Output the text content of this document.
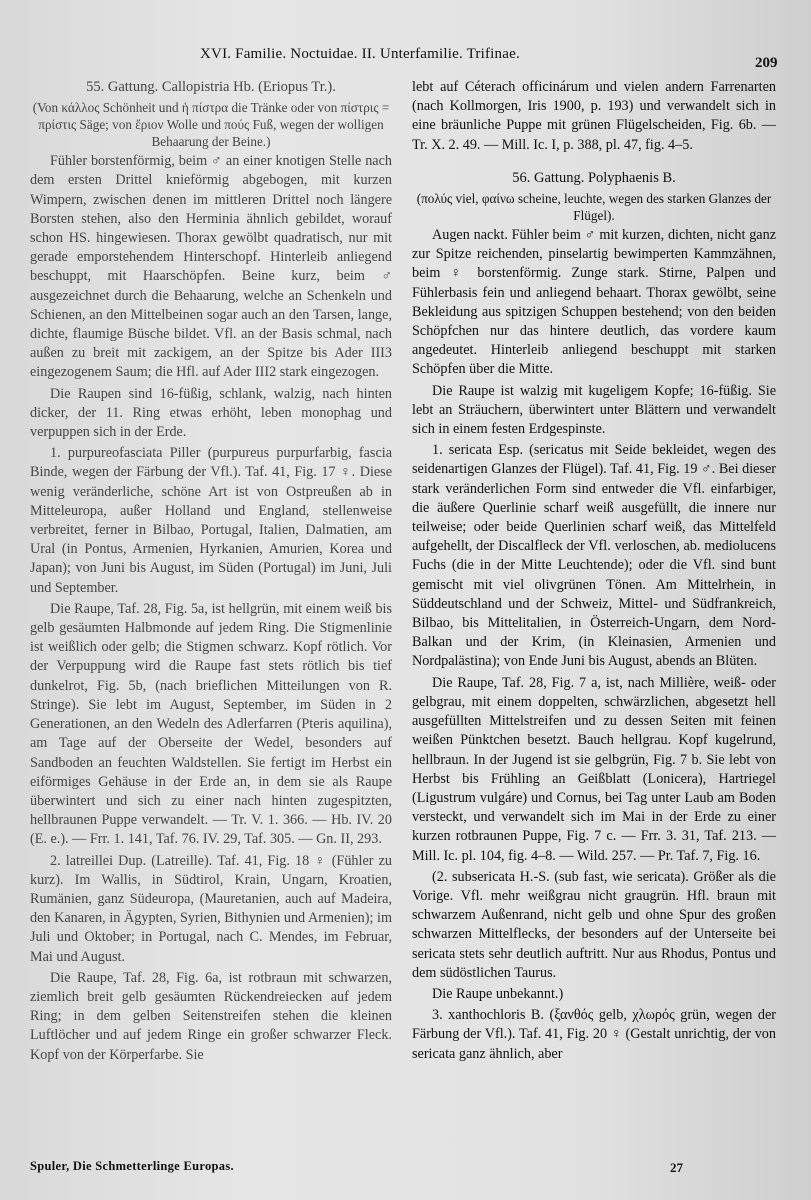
XVI. Familie. Noctuidae. II. Unterfamilie. Trifinae.
209

55. Gattung. Callopistria Hb. (Eriopus Tr.).

(Von κάλλος Schönheit und ἡ πίστρα die Tränke oder von πίστρις = πρίστις Säge; von ἔριον Wolle und πούς Fuß, wegen der wolligen Behaarung der Beine.)

Fühler borstenförmig, beim ♂ an einer knotigen Stelle nach dem ersten Drittel knieförmig abgebogen, mit kurzen Wimpern, zwischen denen im mittleren Drittel noch längere Borsten stehen, also den Herminia ähnlich gebildet, worauf schon HS. hingewiesen. Thorax gewölbt quadratisch, nur mit gerade emporstehendem Hinterschopf. Hinterleib anliegend beschuppt, mit Haarschöpfen. Beine kurz, beim ♂ ausgezeichnet durch die Behaarung, welche an Schenkeln und Schienen, an den Mittelbeinen sogar auch an den Tarsen, lange, dichte, flaumige Büsche bildet. Vfl. an der Basis schmal, nach außen zu breit mit zackigem, an der Spitze bis Ader III3 eingezogenem Saum; die Hfl. auf Ader III2 stark eingezogen.

Die Raupen sind 16-füßig, schlank, walzig, nach hinten dicker, der 11. Ring etwas erhöht, leben monophag und verpuppen sich in der Erde.

1. purpureofasciata Piller (purpureus purpurfarbig, fascia Binde, wegen der Färbung der Vfl.). Taf. 41, Fig. 17 ♀. Diese wenig veränderliche, schöne Art ist von Ostpreußen ab in Mitteleuropa, außer Holland und England, stellenweise verbreitet, ferner in Bilbao, Portugal, Italien, Dalmatien, am Ural (in Pontus, Armenien, Hyrkanien, Amurien, Korea und Japan); von Juni bis August, im Süden (Portugal) im Juni, Juli und September.

Die Raupe, Taf. 28, Fig. 5a, ist hellgrün, mit einem weiß bis gelb gesäumten Halbmonde auf jedem Ring. Die Stigmenlinie ist weißlich oder gelb; die Stigmen schwarz. Kopf rötlich. Vor der Verpuppung wird die Raupe fast stets rötlich bis tief dunkelrot, Fig. 5b, (nach brieflichen Mitteilungen von R. Stringe). Sie lebt im August, September, im Süden in 2 Generationen, an den Wedeln des Adlerfarren (Pteris aquilina), am Tage auf der Oberseite der Wedel, besonders auf Sandboden an feuchten Waldstellen. Sie fertigt im Herbst ein eiförmiges Gehäuse in der Erde an, in dem sie als Raupe überwintert und sich zu einer nach hinten zugespitzten, hellbraunen Puppe verwandelt. — Tr. V. 1. 366. — Hb. IV. 20 (E. e.). — Frr. 1. 141, Taf. 76. IV. 29, Taf. 305. — Gn. II, 293.

2. latreillei Dup. (Latreille). Taf. 41, Fig. 18 ♀ (Fühler zu kurz). Im Wallis, in Südtirol, Krain, Ungarn, Kroatien, Rumänien, ganz Südeuropa, (Mauretanien, auch auf Madeira, den Kanaren, in Ägypten, Syrien, Bithynien und Armenien); im Juli und Oktober; in Portugal, nach C. Mendes, im Februar, Mai und August.

Die Raupe, Taf. 28, Fig. 6a, ist rotbraun mit schwarzen, ziemlich breit gelb gesäumten Rückendreiecken auf jedem Ring; in dem gelben Seitenstreifen stehen die kleinen Luftlöcher und auf jedem Ringe ein großer schwarzer Fleck. Kopf von der Körperfarbe. Sie

lebt auf Céterach officinárum und vielen andern Farrenarten (nach Kollmorgen, Iris 1900, p. 193) und verwandelt sich in eine bräunliche Puppe mit grünen Flügelscheiden, Fig. 6b. — Tr. X. 2. 49. — Mill. Ic. I, p. 388, pl. 47, fig. 4–5.

56. Gattung. Polyphaenis B.

(πολύς viel, φαίνω scheine, leuchte, wegen des starken Glanzes der Flügel).

Augen nackt. Fühler beim ♂ mit kurzen, dichten, nicht ganz zur Spitze reichenden, pinselartig bewimperten Kammzähnen, beim ♀ borstenförmig. Zunge stark. Stirne, Palpen und Fühlerbasis fein und anliegend behaart. Thorax gewölbt, seine Bekleidung aus spitzigen Schuppen bestehend; von den beiden Schöpfchen nur das hintere deutlich, das vordere kaum angedeutet. Hinterleib anliegend beschuppt mit starken Schöpfen über die Mitte.

Die Raupe ist walzig mit kugeligem Kopfe; 16-füßig. Sie lebt an Sträuchern, überwintert unter Blättern und verwandelt sich in einem festen Erdgespinste.

1. sericata Esp. (sericatus mit Seide bekleidet, wegen des seidenartigen Glanzes der Flügel). Taf. 41, Fig. 19 ♂. Bei dieser stark veränderlichen Form sind entweder die Vfl. einfarbiger, die äußere Querlinie scharf weiß ausgefüllt, die innere nur teilweise; oder beide Querlinien scharf weiß, das Mittelfeld aufgehellt, der Discalfleck der Vfl. verloschen, ab. mediolucens Fuchs (die in der Mitte Leuchtende); oder die Vfl. sind bunt gemischt mit viel olivgrünen Tönen. Am Mittelrhein, in Süddeutschland und der Schweiz, Mittel- und Südfrankreich, Bilbao, bis Mittelitalien, in Österreich-Ungarn, dem Nord-Balkan und der Krim, (in Kleinasien, Armenien und Nordpalästina); von Ende Juni bis August, abends an Blüten.

Die Raupe, Taf. 28, Fig. 7 a, ist, nach Millière, weiß- oder gelbgrau, mit einem doppelten, schwärzlichen, abgesetzt hell ausgefüllten Mittelstreifen und zu dessen Seiten mit feinen weißen Pünktchen besetzt. Bauch hellgrau. Kopf kugelrund, hellbraun. In der Jugend ist sie gelbgrün, Fig. 7 b. Sie lebt von Herbst bis Frühling an Geißblatt (Lonicera), Hartriegel (Ligustrum vulgáre) und Cornus, bei Tag unter Laub am Boden versteckt, und verwandelt sich im Mai in der Erde zu einer kurzen rotbraunen Puppe, Fig. 7 c. — Frr. 3. 31, Taf. 213. — Mill. Ic. pl. 104, fig. 4–8. — Wild. 257. — Pr. Taf. 7, Fig. 16.

(2. subsericata H.-S. (sub fast, wie sericata). Größer als die Vorige. Vfl. mehr weißgrau nicht graugrün. Hfl. braun mit schwarzem Außenrand, nicht gelb und ohne Spur des großen schwarzen Mittelflecks, der besonders auf der Unterseite bei sericata stets sehr deutlich auftritt. Nur aus Rhodus, Pontus und dem südöstlichen Taurus.

Die Raupe unbekannt.)

3. xanthochloris B. (ξανθός gelb, χλωρός grün, wegen der Färbung der Vfl.). Taf. 41, Fig. 20 ♀ (Gestalt unrichtig, der von sericata ganz ähnlich, aber

Spuler, Die Schmetterlinge Europas.	27
